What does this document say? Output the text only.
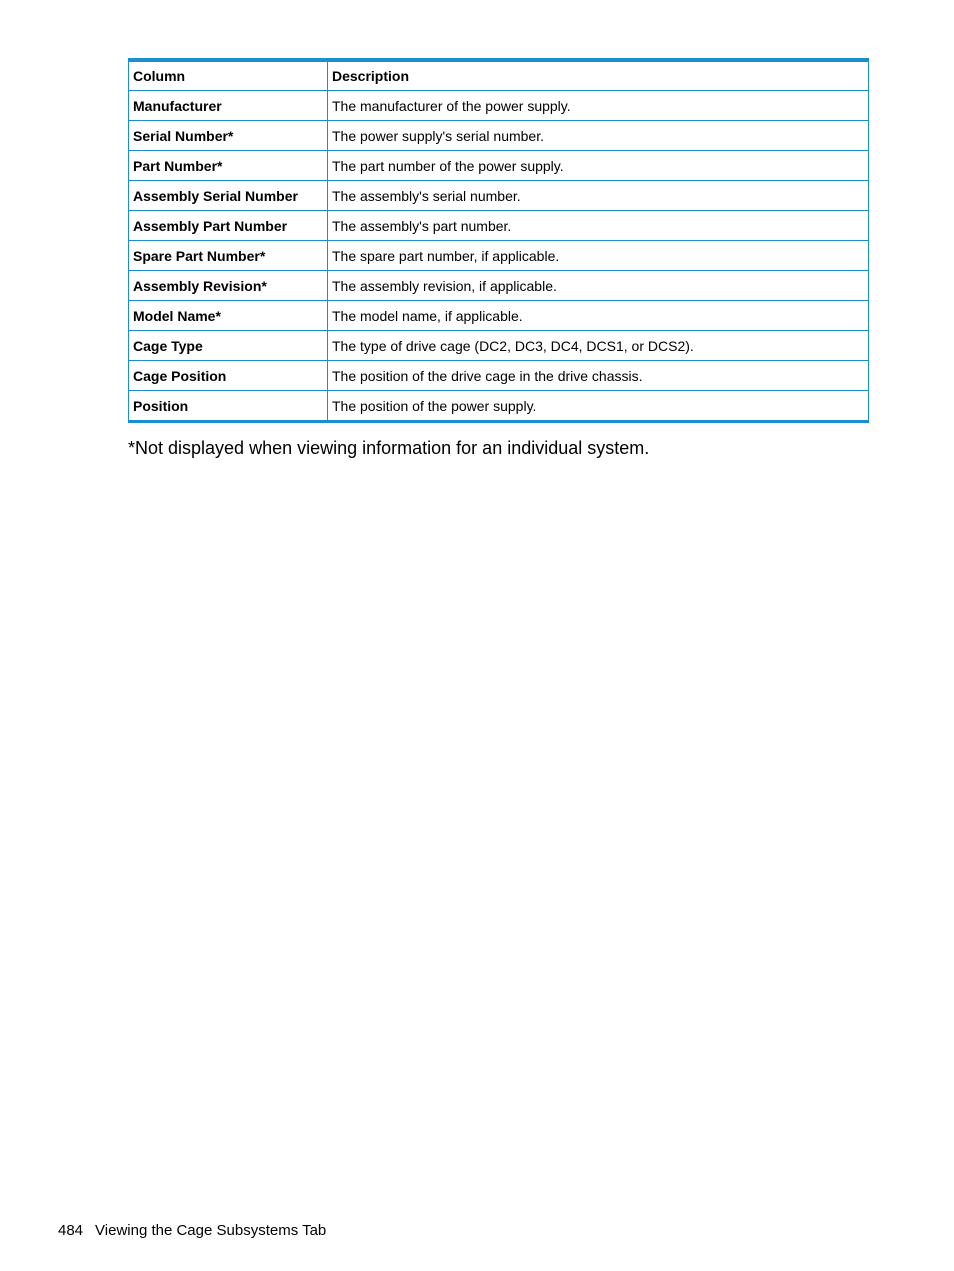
Column	Description
Manufacturer	The manufacturer of the power supply.
Serial Number*	The power supply's serial number.
Part Number*	The part number of the power supply.
Assembly Serial Number	The assembly's serial number.
Assembly Part Number	The assembly's part number.
Spare Part Number*	The spare part number, if applicable.
Assembly Revision*	The assembly revision, if applicable.
Model Name*	The model name, if applicable.
Cage Type	The type of drive cage (DC2, DC3, DC4, DCS1, or DCS2).
Cage Position	The position of the drive cage in the drive chassis.
Position	The position of the power supply.

*Not displayed when viewing information for an individual system.

484 Viewing the Cage Subsystems Tab
